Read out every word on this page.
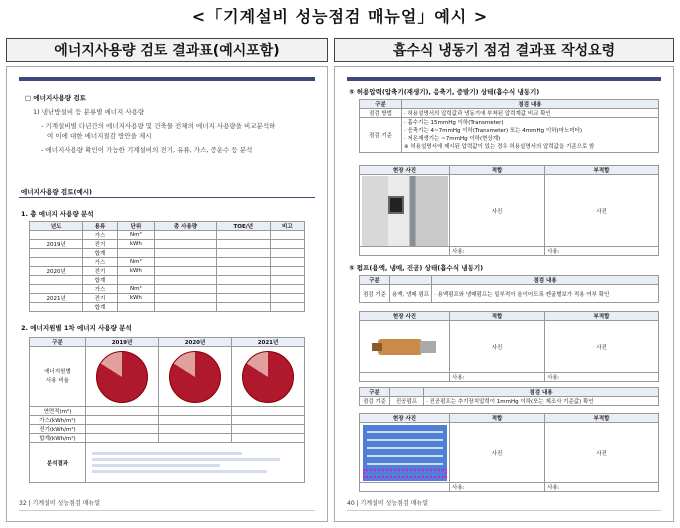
<「기계설비 성능점검 매뉴얼」예시 >
에너지사용량 검토 결과표(예시포함)	흡수식 냉동기 점검 결과표 작성요령
□ 에너지사용량 검토
1) 냉난방설비 등 분류별 에너지 사용량
- 기계설비별 다년간의 에너지사용량 및 건축물 전체의 에너지 사용량을 비교분석하
여 이에 대한 에너지절감 방안을 제시
- 에너지사용량 확인이 가능한 기계설비의 전기, 유류, 가스, 증운수 등 분석
에너지사용량 검토(예시)
1. 총 에너지 사용량 분석
년도	용류	단위	총 사용량	TOE/년	비고
	가스	Nm³			
2019년	전기	kWh			
	합계				
	가스	Nm³			
2020년	전기	kWh			
	합계				
	가스	Nm³			
2021년	전기	kWh			
	합계				
2. 에너지원별 1차 에너지 사용량 분석
구분	2019년	2020년	2021년
에너지원별
사용 비율	

연면적(m²)			
가스(kWh/m²)			
전기(kWh/m²)			
합계(kWh/m²)			
분석결과			
32 | 기계설비 성능점검 매뉴얼
⑤ 허용압력(압축기(재생기), 응축기, 증발기) 상태(흡수식 냉동기)
구분	점검 내용
점검 방법	· 허용설명서의 압력값과 냉동기에 부착된 압력계값 비교 확인
점검 기준	· 흡수기는 15mmHg 이하(Transmeter)
· 응축기는 4~7mmHg 이하(Transmeter) 또는 4mmHg 이하(마노미터)
· 저온재생기는 ~7mmHg 이하(현상계)
※ 허용설명서에 제시된 압력값이 있는 경우 허용설명서의 압력값을 기준으로 함
현장 사진	적합	부적합

	사진	사진
	사용:	사용:
⑤ 펌프(용액, 냉매, 진공) 상태(흡수식 냉동기)
구분		점검 내용
점검 기준	용액, 냉매 펌프	· 용액펌프와 냉매펌프는 일부적이 올이어도록 캔굴별보가 적용 여부 확인
현장 사진	적합	부적합

	사진	사진
	사용:	사용:
구분		점검 내용
점검 기준	진공펌프	· 진공펌프는 추기장치압력이 1mmHg 이하(또는 제조사 기준값) 확인
현장 사진	적합	부적합

	사진	사진
	사용:	사용:
40 | 기계설비 성능점검 매뉴얼
